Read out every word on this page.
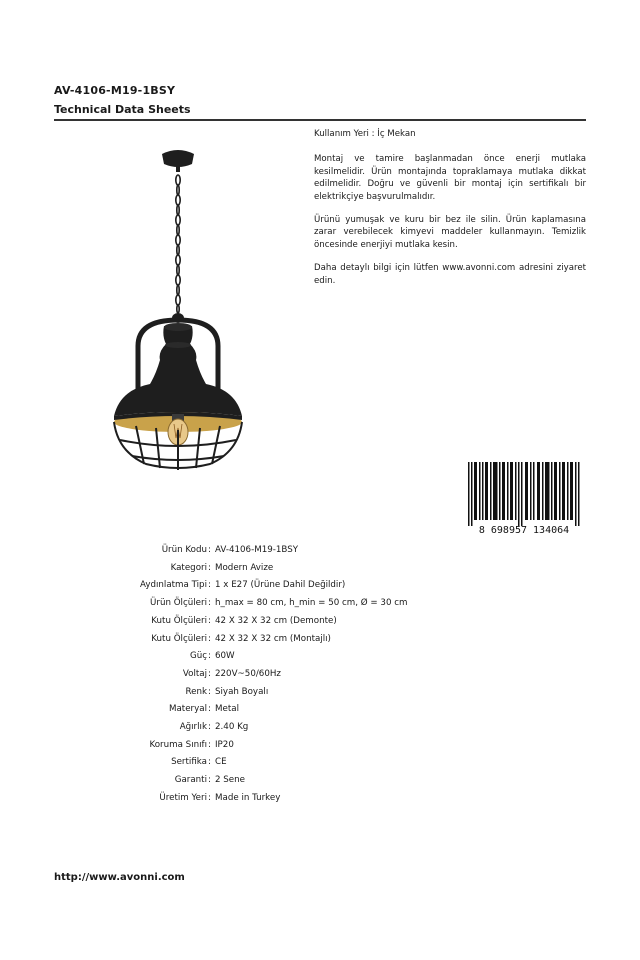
AV-4106-M19-1BSY
Technical Data Sheets

Kullanım Yeri : İç Mekan

Montaj ve tamire başlanmadan önce enerji mutlaka kesilmelidir. Ürün montajında topraklamaya mutlaka dikkat edilmelidir. Doğru ve güvenli bir montaj için sertifikalı bir elektrikçiye başvurulmalıdır.

Ürünü yumuşak ve kuru bir bez ile silin. Ürün kaplamasına zarar verebilecek kimyevi maddeler kullanmayın. Temizlik öncesinde enerjiyi mutlaka kesin.

Daha detaylı bilgi için lütfen www.avonni.com adresini ziyaret edin.

8 698957 134064
Ürün Kodu : AV-4106-M19-1BSY
Kategori : Modern Avize
Aydınlatma Tipi : 1 x E27 (Ürüne Dahil Değildir)
Ürün Ölçüleri : h_max = 80 cm, h_min = 50 cm, Ø = 30 cm
Kutu Ölçüleri : 42 X 32 X 32 cm (Demonte)
Kutu Ölçüleri : 42 X 32 X 32 cm (Montajlı)
Güç : 60W
Voltaj : 220V~50/60Hz
Renk : Siyah Boyalı
Materyal : Metal
Ağırlık : 2.40 Kg
Koruma Sınıfı : IP20
Sertifika : CE
Garanti : 2 Sene
Üretim Yeri : Made in Turkey
http://www.avonni.com
